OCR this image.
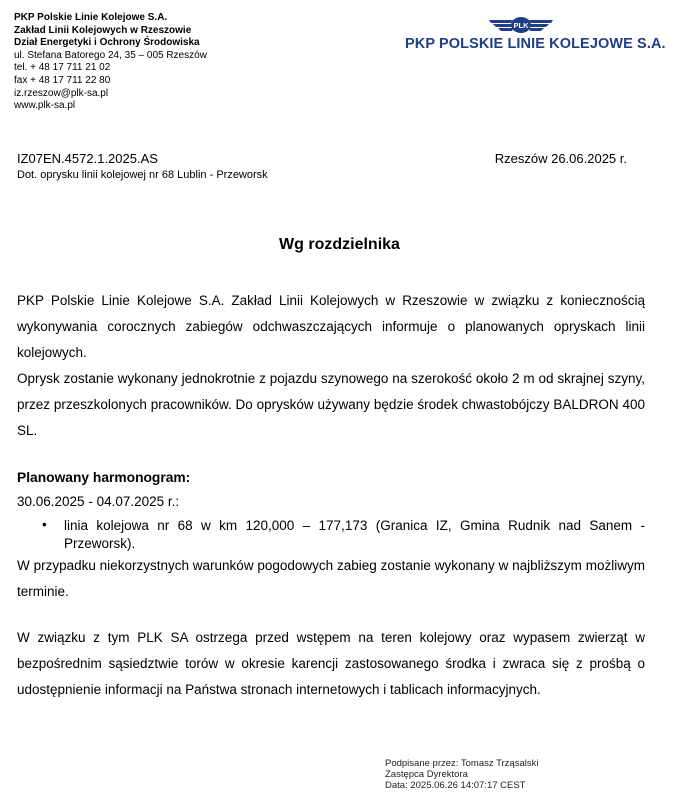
PKP Polskie Linie Kolejowe S.A.
Zakład Linii Kolejowych w Rzeszowie
Dział Energetyki i Ochrony Środowiska
ul. Stefana Batorego 24, 35 – 005 Rzeszów
tel. + 48 17 711 21 02
fax + 48 17 711 22 80
iz.rzeszow@plk-sa.pl
www.plk-sa.pl
PLK
PKP POLSKIE LINIE KOLEJOWE S.A.
IZ07EN.4572.1.2025.AS
Dot. oprysku linii kolejowej nr 68 Lublin - Przeworsk
Rzeszów 26.06.2025 r.
Wg rozdzielnika
PKP Polskie Linie Kolejowe S.A. Zakład Linii Kolejowych w Rzeszowie w związku z koniecznością wykonywania corocznych zabiegów odchwaszczających informuje o planowanych opryskach linii kolejowych.
Oprysk zostanie wykonany jednokrotnie z pojazdu szynowego na szerokość około 2 m od skrajnej szyny, przez przeszkolonych pracowników. Do oprysków używany będzie środek chwastobójczy BALDRON 400 SL.
Planowany harmonogram:
30.06.2025 - 04.07.2025 r.:
• linia kolejowa nr 68 w km 120,000 – 177,173 (Granica IZ, Gmina Rudnik nad Sanem - Przeworsk).
W przypadku niekorzystnych warunków pogodowych zabieg zostanie wykonany w najbliższym możliwym terminie.
W związku z tym PLK SA ostrzega przed wstępem na teren kolejowy oraz wypasem zwierząt w bezpośrednim sąsiedztwie torów w okresie karencji zastosowanego środka i zwraca się z prośbą o udostępnienie informacji na Państwa stronach internetowych i tablicach informacyjnych.
Podpisane przez: Tomasz Trząsalski
Zastępca Dyrektora
Data: 2025.06.26 14:07:17 CEST
